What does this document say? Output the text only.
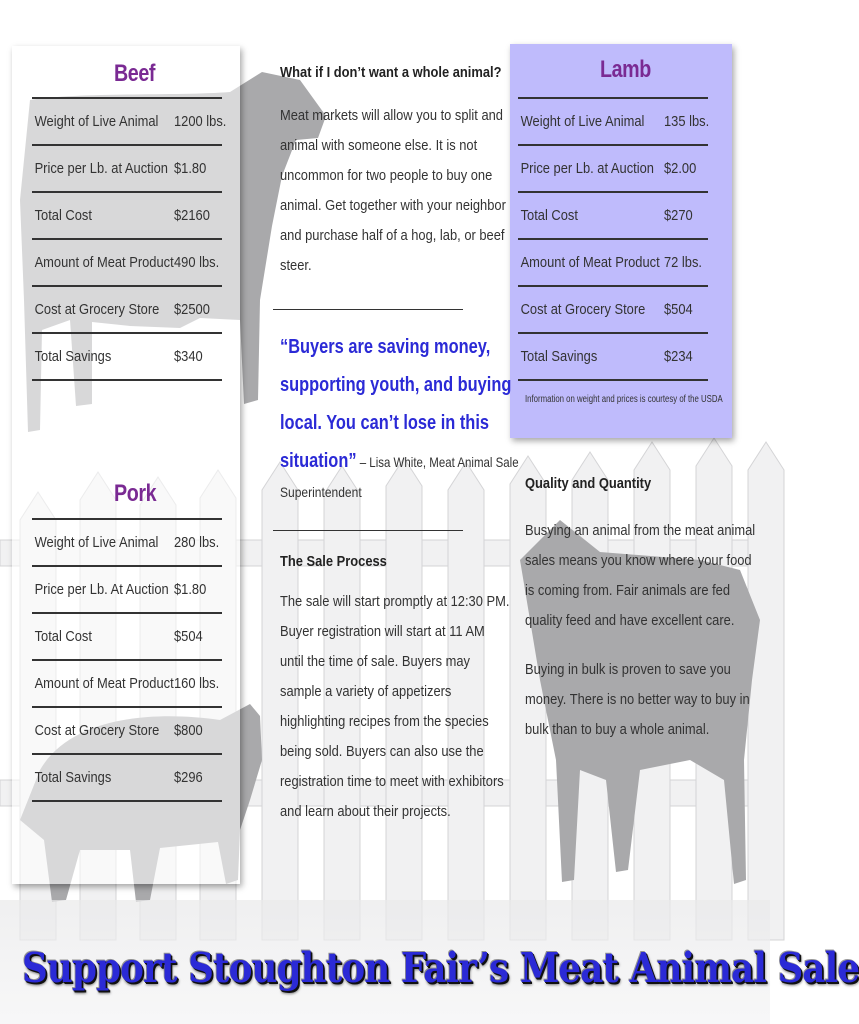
Beef
Weight of Live Animal 1200 lbs.
Price per Lb. at Auction $1.80
Total Cost	$2160
Amount of Meat Product 490 lbs.
Cost at Grocery Store $2500
Total Savings	$340
Pork
Weight of Live Animal 280 lbs.
Price per Lb. At Auction $1.80
Total Cost	$504
Amount of Meat Product 160 lbs.
Cost at Grocery Store $800
Total Savings	$296
Lamb
Weight of Live Animal 135 lbs.
Price per Lb. at Auction $2.00
Total Cost	$270
Amount of Meat Product 72 lbs.
Cost at Grocery Store $504
Total Savings	$234
Information on weight and prices is courtesy of the USDA
What if I don’t want a whole animal?
Meat markets will allow you to split and
animal with someone else. It is not
uncommon for two people to buy one
animal. Get together with your neighbor
and purchase half of a hog, lab, or beef
steer.
“Buyers are saving money,
supporting youth, and buying
local. You can’t lose in this
situation” – Lisa White, Meat Animal Sale
Superintendent
The Sale Process
The sale will start promptly at 12:30 PM.
Buyer registration will start at 11 AM
until the time of sale. Buyers may
sample a variety of appetizers
highlighting recipes from the species
being sold. Buyers can also use the
registration time to meet with exhibitors
and learn about their projects.
Quality and Quantity
Busying an animal from the meat animal
sales means you know where your food
is coming from. Fair animals are fed
quality feed and have excellent care.
Buying in bulk is proven to save you
money. There is no better way to buy in
bulk than to buy a whole animal.
Support Stoughton Fair’s Meat Animal Sale
